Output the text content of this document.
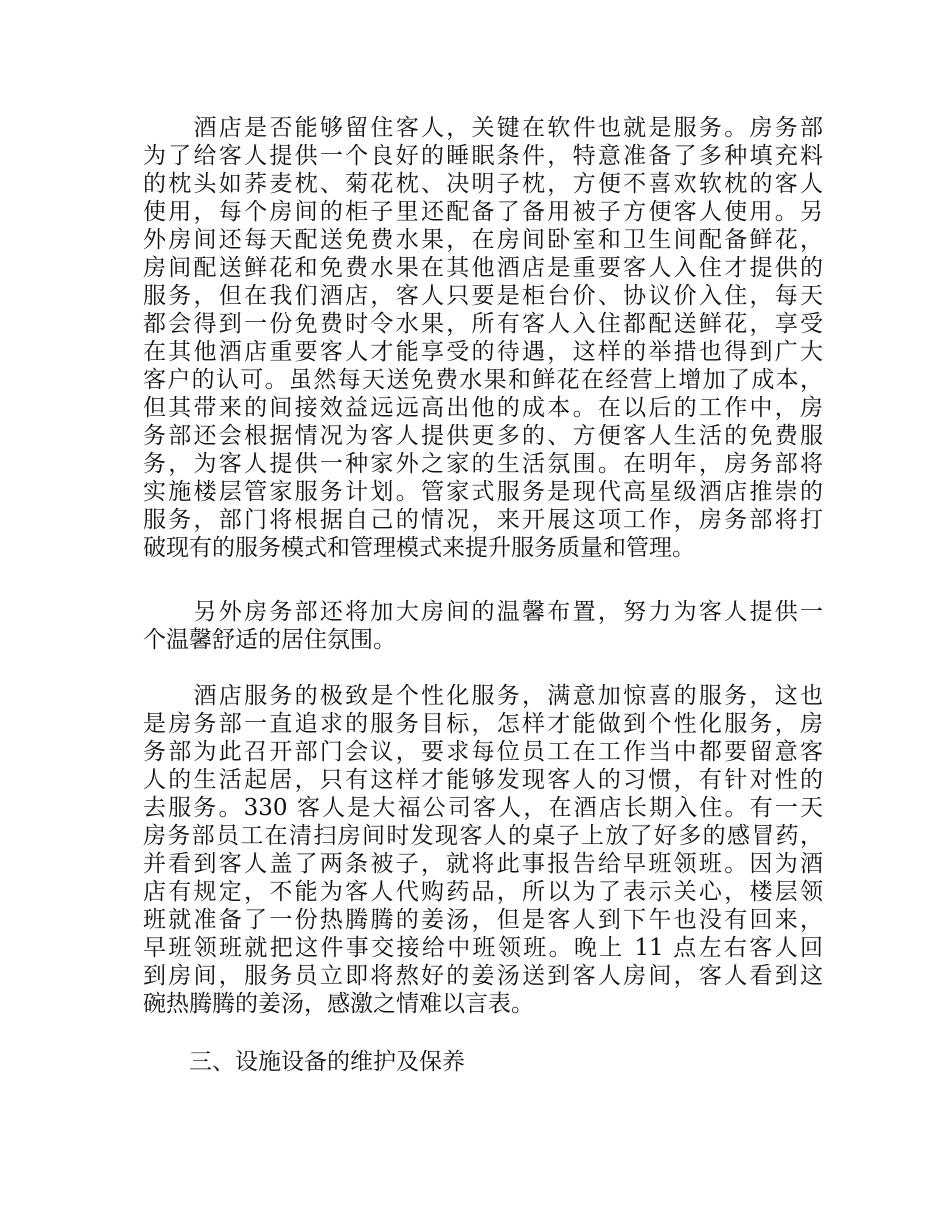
　　酒店是否能够留住客人，关键在软件也就是服务。房务部
为了给客人提供一个良好的睡眠条件，特意准备了多种填充料
的枕头如荞麦枕、菊花枕、决明子枕，方便不喜欢软枕的客人
使用，每个房间的柜子里还配备了备用被子方便客人使用。另
外房间还每天配送免费水果，在房间卧室和卫生间配备鲜花，
房间配送鲜花和免费水果在其他酒店是重要客人入住才提供的
服务，但在我们酒店，客人只要是柜台价、协议价入住，每天
都会得到一份免费时令水果，所有客人入住都配送鲜花，享受
在其他酒店重要客人才能享受的待遇，这样的举措也得到广大
客户的认可。虽然每天送免费水果和鲜花在经营上增加了成本，
但其带来的间接效益远远高出他的成本。在以后的工作中，房
务部还会根据情况为客人提供更多的、方便客人生活的免费服
务，为客人提供一种家外之家的生活氛围。在明年，房务部将
实施楼层管家服务计划。管家式服务是现代高星级酒店推崇的
服务，部门将根据自己的情况，来开展这项工作，房务部将打
破现有的服务模式和管理模式来提升服务质量和管理。
　　另外房务部还将加大房间的温馨布置，努力为客人提供一
个温馨舒适的居住氛围。
　　酒店服务的极致是个性化服务，满意加惊喜的服务，这也
是房务部一直追求的服务目标，怎样才能做到个性化服务，房
务部为此召开部门会议，要求每位员工在工作当中都要留意客
人的生活起居，只有这样才能够发现客人的习惯，有针对性的
去服务。330 客人是大福公司客人，在酒店长期入住。有一天
房务部员工在清扫房间时发现客人的桌子上放了好多的感冒药，
并看到客人盖了两条被子，就将此事报告给早班领班。因为酒
店有规定，不能为客人代购药品，所以为了表示关心，楼层领
班就准备了一份热腾腾的姜汤，但是客人到下午也没有回来，
早班领班就把这件事交接给中班领班。晚上 11 点左右客人回
到房间，服务员立即将熬好的姜汤送到客人房间，客人看到这
碗热腾腾的姜汤，感激之情难以言表。
　　三、设施设备的维护及保养
